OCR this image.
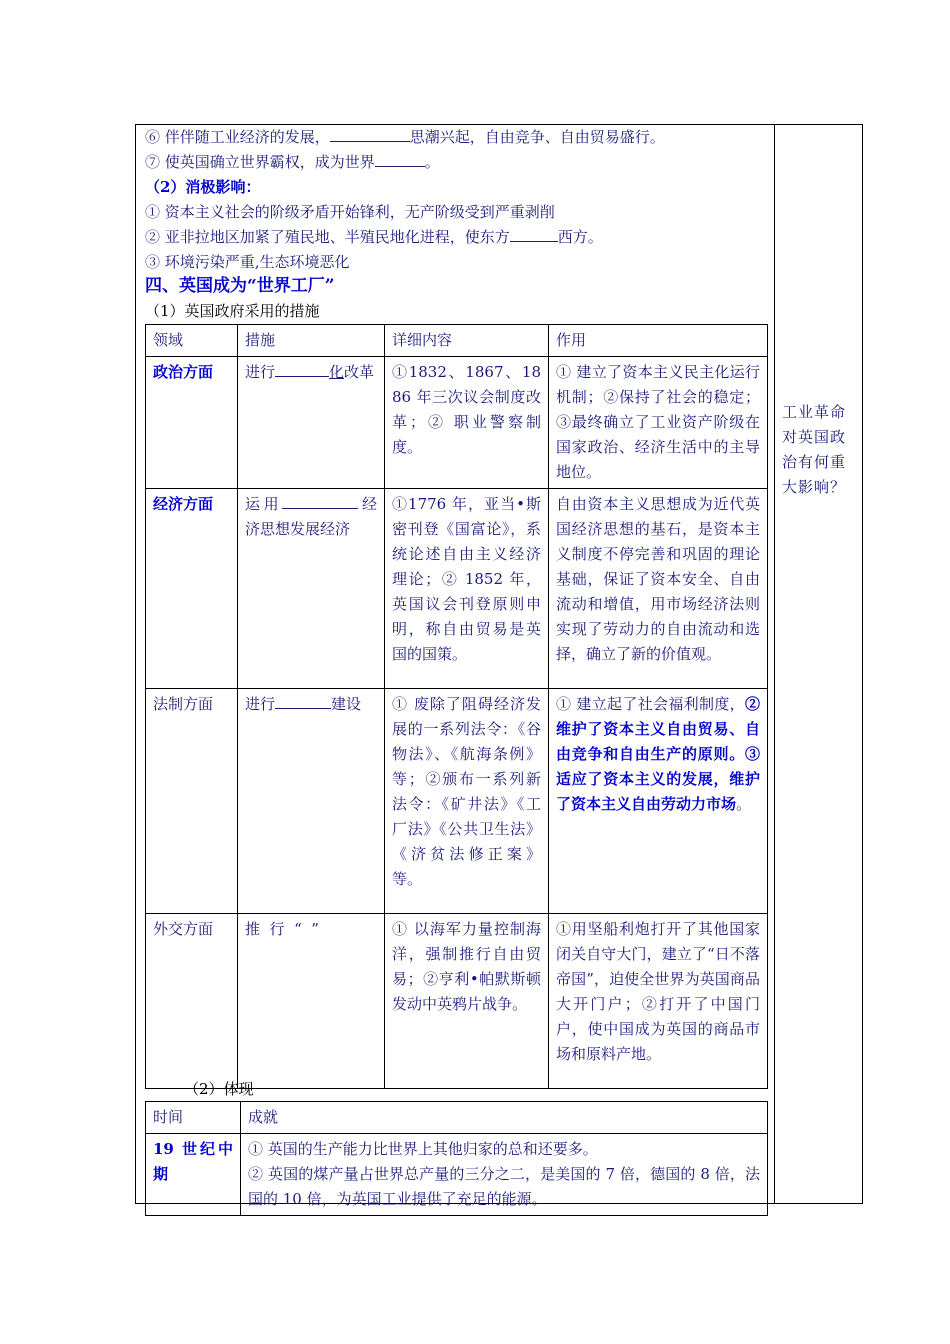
工业革命对英国政治有何重大影响？
⑥ 伴伴随工业经济的发展，	思潮兴起，自由竞争、自由贸易盛行。
⑦ 使英国确立世界霸权，成为世界	。
（2）消极影响：
① 资本主义社会的阶级矛盾开始锋利，无产阶级受到严重剥削
② 亚非拉地区加紧了殖民地、半殖民地化进程，使东方	西方。
③ 环境污染严重,生态环境恶化
四、英国成为“世界工厂”
（1）英国政府采用的措施
领域	措施	详细内容	作用
政治方面	进行 化改革	①1832、1867、1886 年三次议会制度改革；② 职业警察制度。	① 建立了资本主义民主化运行机制；②保持了社会的稳定；③最终确立了工业资产阶级在国家政治、经济生活中的主导地位。
经济方面	运用 经济思想发展经济	①1776 年，亚当•斯密刊登《国富论》，系统论述自由主义经济理论；② 1852 年，英国议会刊登原则申明，称自由贸易是英国的国策。	自由资本主义思想成为近代英国经济思想的基石，是资本主义制度不停完善和巩固的理论基础，保证了资本安全、自由流动和增值，用市场经济法则实现了劳动力的自由流动和选择，确立了新的价值观。
法制方面	进行 建设	① 废除了阻碍经济发展的一系列法令：《谷物法》、《航海条例》等；②颁布一系列新法令：《矿井法》《工厂法》《公共卫生法》《济贫法修正案》等。	① 建立起了社会福利制度，②维护了资本主义自由贸易、自由竞争和自由生产的原则。③适应了资本主义的发展，维护了资本主义自由劳动力市场。
外交方面	推  行  “  ”	① 以海军力量控制海洋，强制推行自由贸易；②亨利•帕默斯顿发动中英鸦片战争。	①用坚船利炮打开了其他国家闭关自守大门，建立了“日不落帝国”，迫使全世界为英国商品大开门户；②打开了中国门户，使中国成为英国的商品市场和原料产地。
（2）体现
时间	成就
19 世纪中期	① 英国的生产能力比世界上其他归家的总和还要多。
② 英国的煤产量占世界总产量的三分之二，是美国的 7 倍，德国的 8 倍，法国的 10 倍，为英国工业提供了充足的能源。
